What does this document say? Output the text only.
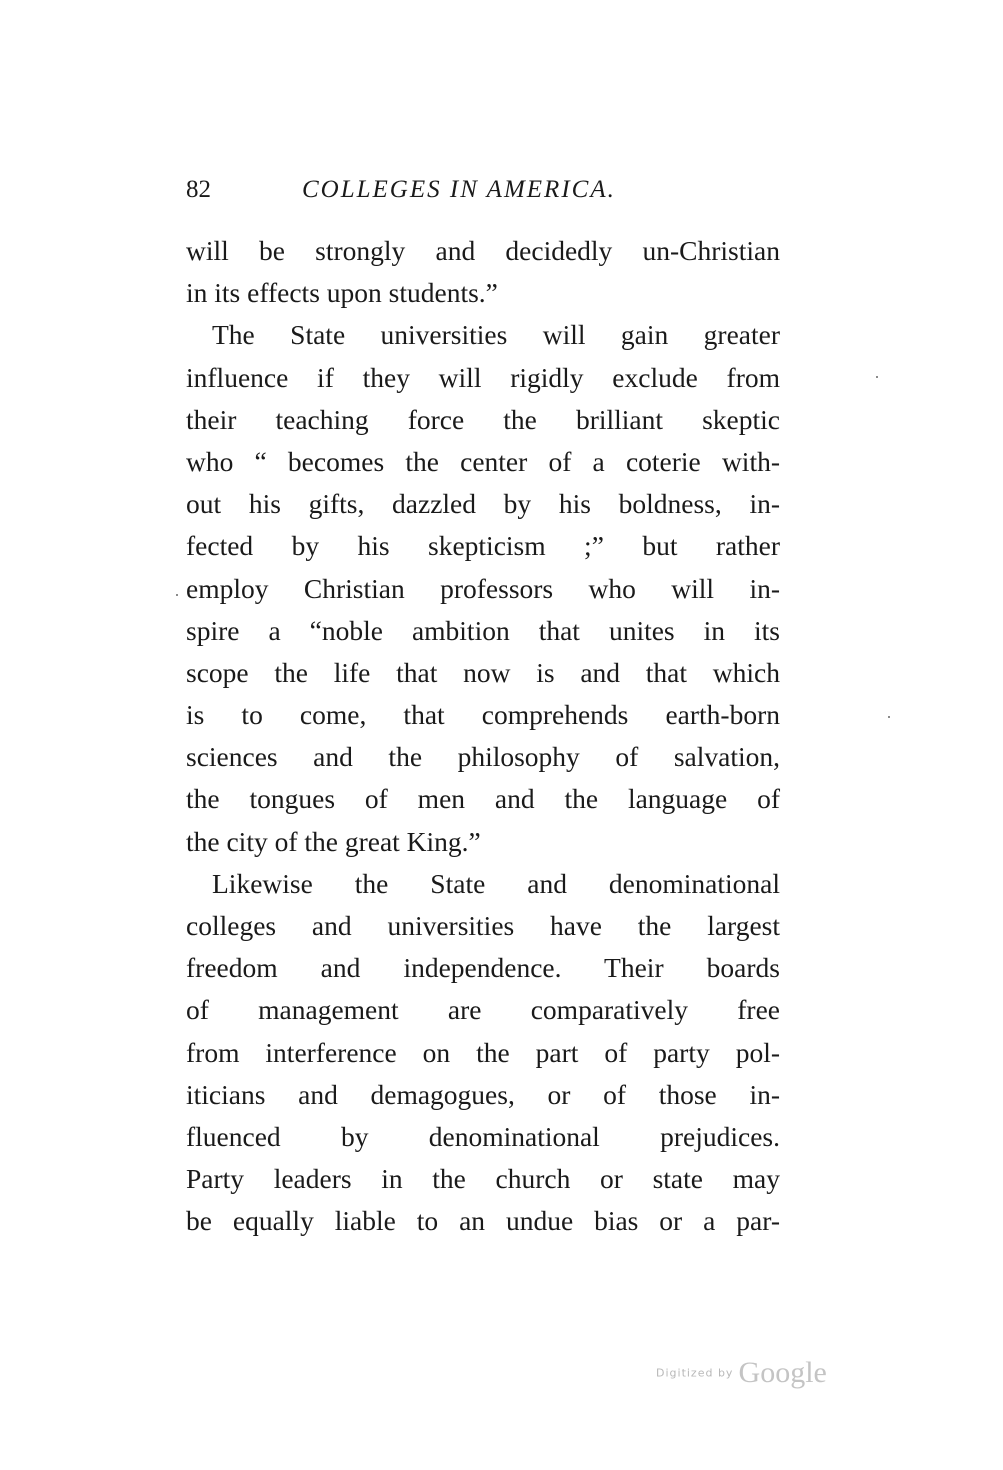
82	COLLEGES IN AMERICA.
will be strongly and decidedly un-Christian
in its effects upon students.”
The State universities will gain greater
influence if they will rigidly exclude from
their teaching force the brilliant skeptic
who “ becomes the center of a coterie with-
out his gifts, dazzled by his boldness, in-
fected by his skepticism ;” but rather
employ Christian professors who will in-
spire a “noble ambition that unites in its
scope the life that now is and that which
is to come, that comprehends earth-born
sciences and the philosophy of salvation,
the tongues of men and the language of
the city of the great King.”
Likewise the State and denominational
colleges and universities have the largest
freedom and independence. Their boards
of management are comparatively free
from interference on the part of party pol-
iticians and demagogues, or of those in-
fluenced by denominational prejudices.
Party leaders in the church or state may
be equally liable to an undue bias or a par-
Digitized by Google
